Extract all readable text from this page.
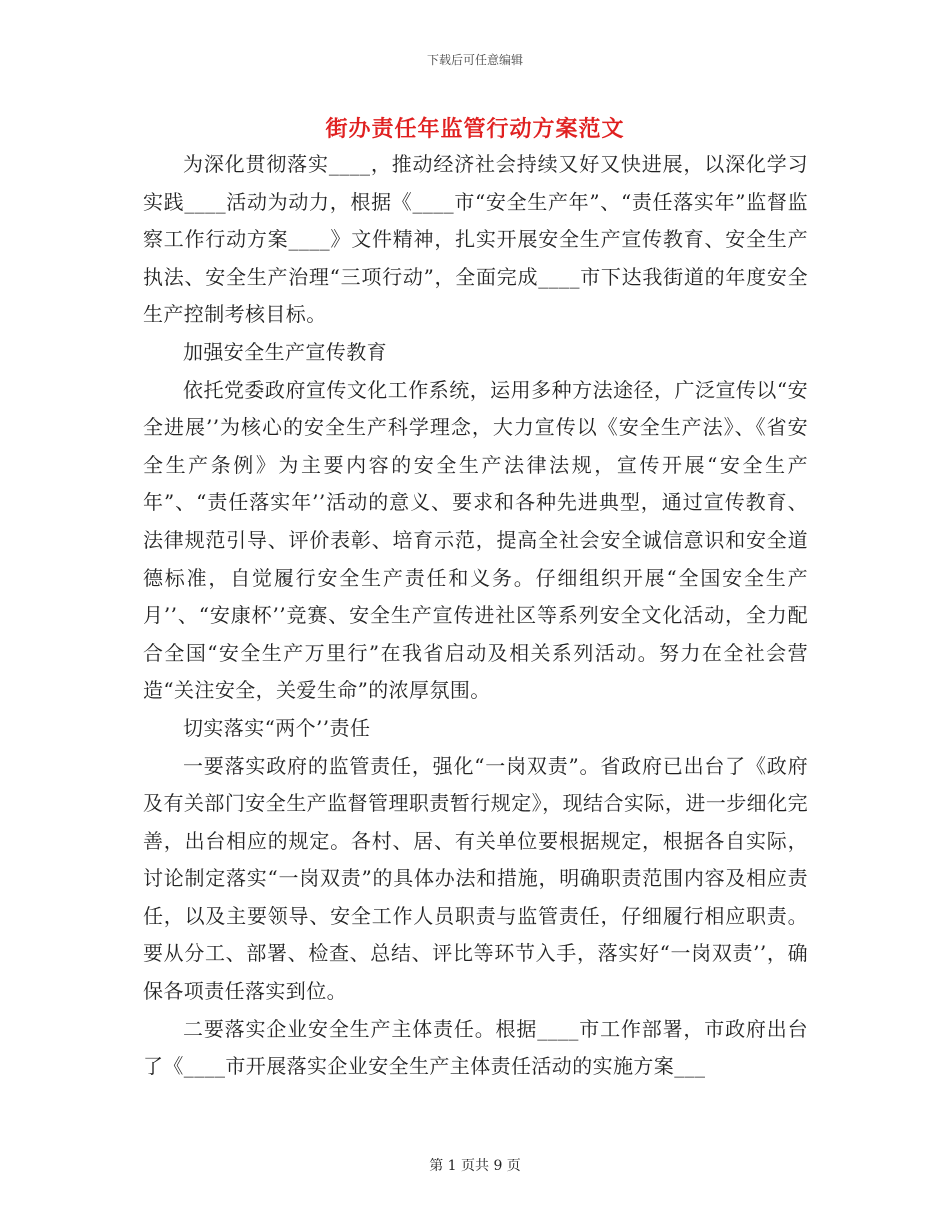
下载后可任意编辑
街办责任年监管行动方案范文

为深化贯彻落实____，推动经济社会持续又好又快进展，以深化学习实践____活动为动力，根据《____市“安全生产年”、“责任落实年”监督监察工作行动方案____》文件精神，扎实开展安全生产宣传教育、安全生产执法、安全生产治理“三项行动”，全面完成____市下达我街道的年度安全生产控制考核目标。

加强安全生产宣传教育

依托党委政府宣传文化工作系统，运用多种方法途径，广泛宣传以“安全进展’’为核心的安全生产科学理念，大力宣传以《安全生产法》、《省安全生产条例》为主要内容的安全生产法律法规，宣传开展“安全生产年”、“责任落实年’’活动的意义、要求和各种先进典型，通过宣传教育、法律规范引导、评价表彰、培育示范，提高全社会安全诚信意识和安全道德标准，自觉履行安全生产责任和义务。仔细组织开展“全国安全生产月’’、“安康杯’’竞赛、安全生产宣传进社区等系列安全文化活动，全力配合全国“安全生产万里行”在我省启动及相关系列活动。努力在全社会营造“关注安全，关爱生命”的浓厚氛围。

切实落实“两个’’责任

一要落实政府的监管责任，强化“一岗双责”。省政府已出台了《政府及有关部门安全生产监督管理职责暂行规定》，现结合实际，进一步细化完善，出台相应的规定。各村、居、有关单位要根据规定，根据各自实际，讨论制定落实“一岗双责”的具体办法和措施，明确职责范围内容及相应责任，以及主要领导、安全工作人员职责与监管责任，仔细履行相应职责。要从分工、部署、检查、总结、评比等环节入手，落实好“一岗双责’’，确保各项责任落实到位。

二要落实企业安全生产主体责任。根据____市工作部署，市政府出台了《____市开展落实企业安全生产主体责任活动的实施方案___

第 1 页共 9 页
